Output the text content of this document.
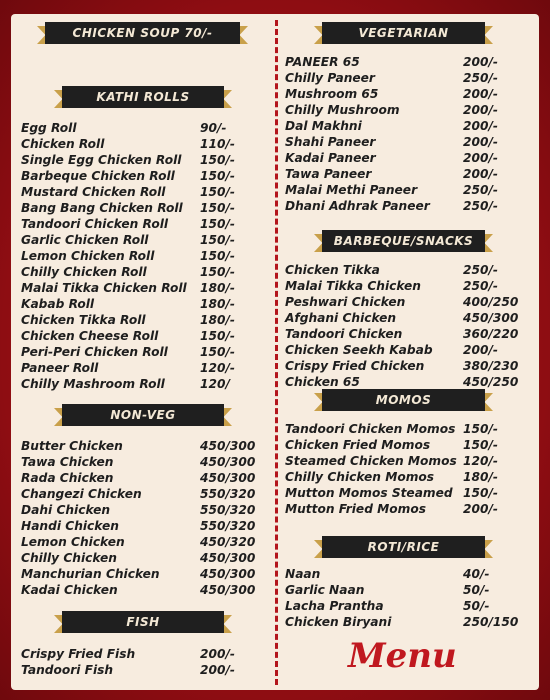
CHICKEN SOUP 70/-
KATHI ROLLS
NON-VEG
FISH
VEGETARIAN
BARBEQUE/SNACKS
MOMOS
ROTI/RICE
Egg Roll	90/-
Chicken Roll	110/-
Single Egg Chicken Roll 150/-
Barbeque Chicken Roll 150/-
Mustard Chicken Roll	150/-
Bang Bang Chicken Roll 150/-
Tandoori Chicken Roll	150/-
Garlic Chicken Roll	150/-
Lemon Chicken Roll	150/-
Chilly Chicken Roll	150/-
Malai Tikka Chicken Roll 180/-
Kabab Roll	180/-
Chicken Tikka Roll	180/-
Chicken Cheese Roll	150/-
Peri-Peri Chicken Roll	150/-
Paneer Roll	120/-
Chilly Mashroom Roll	120/
Butter Chicken	450/300
Tawa Chicken	450/300
Rada Chicken	450/300
Changezi Chicken	550/320
Dahi Chicken	550/320
Handi Chicken	550/320
Lemon Chicken	450/320
Chilly Chicken	450/300
Manchurian Chicken	450/300
Kadai Chicken	450/300
Crispy Fried Fish	200/-
Tandoori Fish	200/-
PANEER 65	200/-
Chilly Paneer	250/-
Mushroom 65	200/-
Chilly Mushroom	200/-
Dal Makhni	200/-
Shahi Paneer	200/-
Kadai Paneer	200/-
Tawa Paneer	200/-
Malai Methi Paneer	250/-
Dhani Adhrak Paneer	250/-
Chicken Tikka	250/-
Malai Tikka Chicken	250/-
Peshwari Chicken	400/250
Afghani Chicken	450/300
Tandoori Chicken	360/220
Chicken Seekh Kabab 200/-
Crispy Fried Chicken	380/230
Chicken 65	450/250
Tandoori Chicken Momos 150/-
Chicken Fried Momos	150/-
Steamed Chicken Momos 120/-
Chilly Chicken Momos 180/-
Mutton Momos Steamed 150/-
Mutton Fried Momos	200/-
Naan	40/-
Garlic Naan	50/-
Lacha Prantha	50/-
Chicken Biryani	250/150
Menu
